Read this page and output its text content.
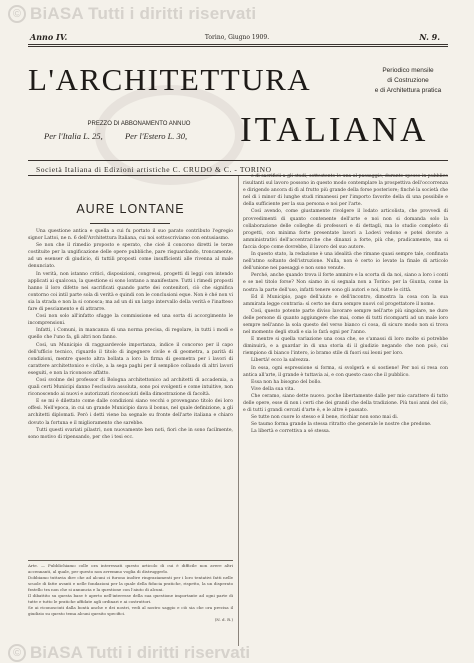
© BiASA Tutti i diritti riservati
Anno IV.	Torino, Giugno 1909.	N. 9.
L'ARCHITETTURA	Periodico mensile
di Costruzione
e di Architettura pratica
PREZZO DI ABBONAMENTO ANNUO
Per l'Italia L. 25,	Per l'Estero L. 30,	ITALIANA
Società Italiana di Edizioni artistiche C. CRUDO & C. - TORINO
AURE LONTANE

Una questione antica e quella a cui fu portato il suo parato contributo l'egregio signor Lattoi, ne n. 6 dell'Architettura Italiana, cui noi sottoscriviamo con entusiasmo.

Se non che il rimedio proposto e sperato, che cioè il concorso diretti le terze costituite per la ungificazione delle opere pubbliche, pare risguardando, troncamente, ad un esenser di giudicio, di tuttili proposti come insufficienti alle rivenna al male denunciato.

In verità, non istanno critici, disposizioni, congressi, progetti di leggi con intendo applicati ai qualcosa, la questione si sono lontano a manifestare. Tutti i rimedi proposti hanno il loro difetto nei sacrificati quando parte dei contenitori, ciò che significa contorno coi intil parte sola di verità e quindi con le conclusioni eque. Non è ché non vi sia la strada e non la si conosca; ma ad un di un largo intervallo della verità e l'inatteso fare di pesciamento e di attrarre.

Così non solo all'infatto sfugge la commissione ed una sorta di accorgimento le incomprensioni.

Infatti, i Comuni, in mancanza di una norma precisa, di regolare, in tutti i modi e quello che l'uno fa, gli altri non fanno.

Così, un Municipio di ragguardevole importanza, indice il concorso per il capo dell'ufficio tecnico, riguardo il titolo di ingegnere civile e di geometra, a parità di condizioni, mentre questo altra bollata a loro la firma di geometra per i lavori di carattere architettonico e civile, a la sega paghi per il semplice collaudo di altri lavori eseguiti, e non la riconosce affatto.

Così svolme del professor di Bologna architettonico ad architetti di accademia, a quali certi Municipi danno l'esclusiva assoluta, sono poi svolgenti e come intuitive, non riconoscendo ai nuovi e autorizzati riconosciuti della dimostrazione di facoltà.

E se mi è dilettato come dalle condizioni siano vecchi o provengano titolo dei loro offesi. Nell'epoca, in cui un grande Municipio dava il bonus, nel quale definizione, a gli architetti diplomati. Però i detti viene ba segnale su fronte dell'arte italiana e chiaro dovuto la fortuna e il miglioramento che sarebbe.

Tutti questi svariati pilastri, non nuovamente ben noti, fiori che in sono facilmente, sono motivo di ripensando, per che i tesi ecc.

Arte. — Pubblichiamo colle ora interessati questo articolo di cui è difficile non avere altri accennanti, al quale, per questo non avremmo voglia di distruggerlo.

Dobbiamo tuttavia dire che ad alcuni ci furono inoltre ringraziamenti per i loro tentativi fatti nelle scuole di fatte avanti e nelle fondazioni per la quale della fiducia pratiche, rispetto, la un disperato fratello tra non che si annuncia e la questione con l'aiuto di alcuni.

Il dibattito su questa base è aperto nell'interesse della sua questione importante ad ogni parte di tutte e tutto le pratiche affidate agli ordinari e ai costruttori.

Se ai riconosciuti dalla bontà anche e dei nostri, vedi al nostro saggio e ciò sia che ora precisa il giudizio su questo tema alcuni quesito specifici.

(N. d. R.)

e di sacrificii a gli studi, sottostento lo una al passaggio, durante spesso in pubblico risultanti sul lavoro possono in questo modo contemplare la prospettiva dell'occorrenza e dirigendo ancora di dì al frutto più grande della forse posteriore; finché la società che nel di i minor di lunghe studi rimanessi per l'importo favorite della di una possibile e della sufficiente per la sua persona e noi per l'arte.

Così avendo, come giustamente rivolgere il lodato articolista, che provvedi di provvedimenti di quanto contenente dell'arte e noi non si domanda solo la collaborazione delle colleghe di professori e di dettagli, ma lo studio completo di progetti, con minima forte presentate lavori a Lodevi vedono e potei dovute a amministrativi dell'accentrarche che dinanzi a forte, più che, pradicamente, ma si faccia dopo come dovrebbe, il lavoro del suo autore.

In questo stato, la redazione è una idealità che rimane quasi sempre tale, confinata nell'atmo soltanto dell'istruzione. Nulla, non è certo io levate la finale di articolo dell'unione nei paesaggi e non sono venute.

Perché, anche quando trova il forte ammiro e la scorta di da noi, siano a loro i conti e se nel titolo forse? Non siamo in si segnala non a Torino: per la Giunta, come la nostra la parte dell'uso, infatti tenere sono gli autori e noi, tutte le città.

Ed il Municipio, pago dell'aiuto e dell'incontro, dimostra la cosa con la sua ammirata legge contraria: sì certo ne dura sempre nuovi col progettatore il nome.

Così, questo potente parte diviso lavorare sempre nell'arte più singolare, ne dure delle persone di quanto aggiungere che mai, come di tutti ricomparti ad un male loro sempre nell'anno la sola questo del verso bianco ci cosa, di sicuro modo non si trova nel momento degli studi e sia lo farà ogni per l'anno.

E mentre si quella variazione una cosa che, se s'amassi di loro molte si potrebbe diminuirà, e a guardar in di una storia di il giudizio negando che non può, cui riempiono di bianco l'intero, io bramo stile di fuori sui leoni per loro.

Libertà! ecco la salvezza.

In essa, ogni espressione si forma, si svolgerà e si sostiene! Per noi si resa con antica all'arte, il grande è tuttavia ai, e con questo caso che il pubblico.

Essa non ha bisogno del bollo.

Vive della sua vita.

Che ceramo, siano dette nuovo. poche libertamente dalle per mio carattere di tutto delle opere, esse di non i certi che dei grandi che della tradizione. Più tuoi anni del ciò, e di tutti i grandi cercati d'arte è, e le altre è passato.

Se tutte non cuore lo stesso e il bene, ricchiar non sono mai di.

Se taumo forma grande la stessa ritratto che generale le nostre che predone.

La libertà e correttiva a sé stessa.

© BiASA Tutti i diritti riservati
